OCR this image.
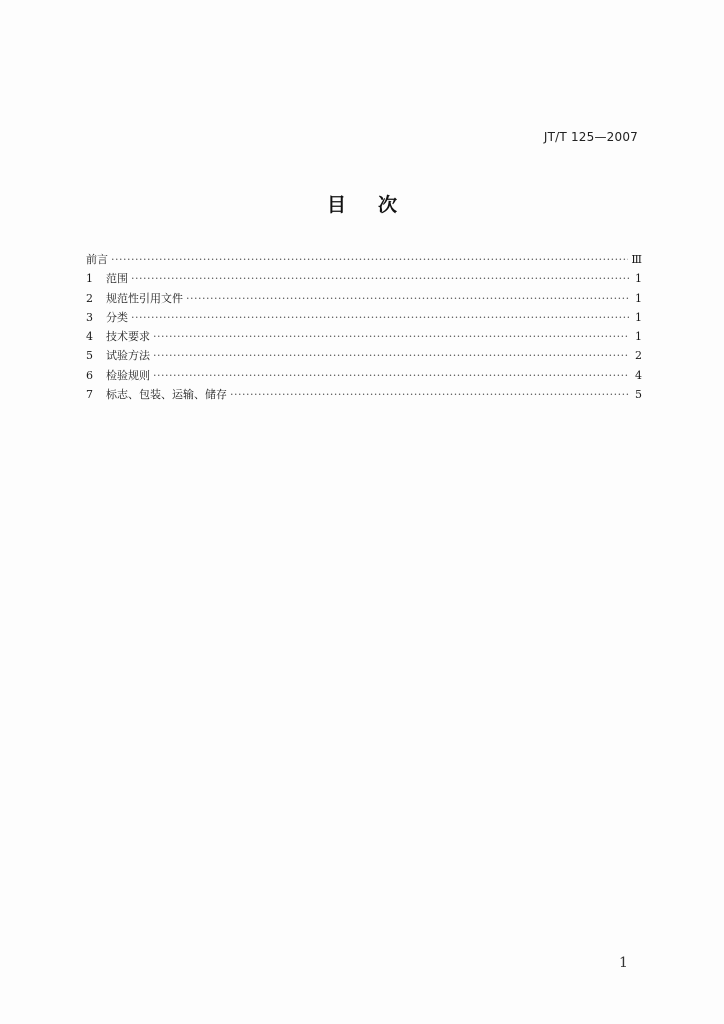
JT/T 125—2007
目次
前言 ·····	Ⅲ
1	范围 ·····	1
2	规范性引用文件 ·····	1
3	分类 ·····	1
4	技术要求 ·····	1
5	试验方法 ·····	2
6	检验规则 ·····	4
7	标志、包装、运输、储存 ·····	5
1
